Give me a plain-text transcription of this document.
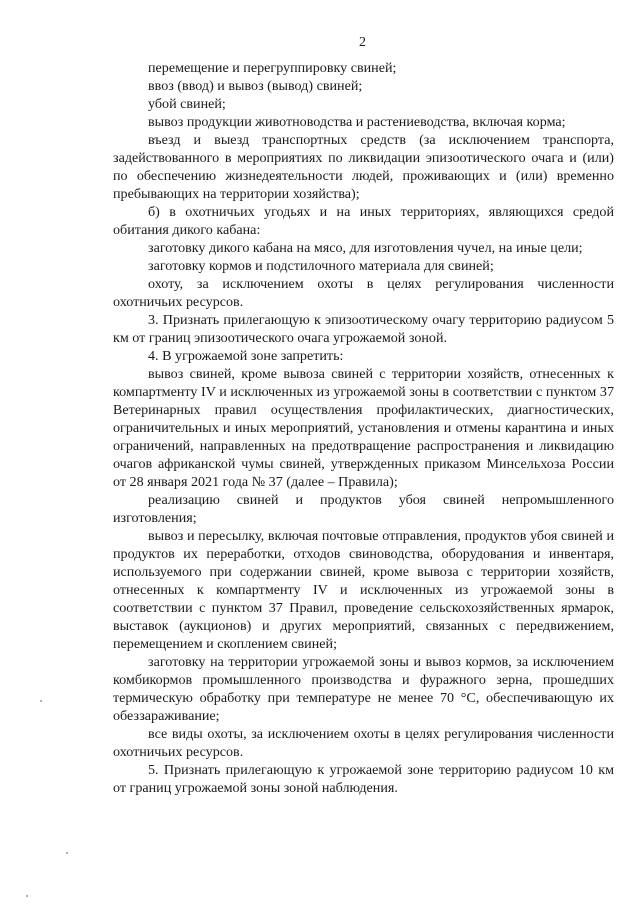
2

перемещение и перегруппировку свиней;

ввоз (ввод) и вывоз (вывод) свиней;

убой свиней;

вывоз продукции животноводства и растениеводства, включая корма;

въезд и выезд транспортных средств (за исключением транспорта, задействованного в мероприятиях по ликвидации эпизоотического очага и (или) по обеспечению жизнедеятельности людей, проживающих и (или) временно пребывающих на территории хозяйства);

б) в охотничьих угодьях и на иных территориях, являющихся средой обитания дикого кабана:

заготовку дикого кабана на мясо, для изготовления чучел, на иные цели;

заготовку кормов и подстилочного материала для свиней;

охоту, за исключением охоты в целях регулирования численности охотничьих ресурсов.

3. Признать прилегающую к эпизоотическому очагу территорию радиусом 5 км от границ эпизоотического очага угрожаемой зоной.

4. В угрожаемой зоне запретить:

вывоз свиней, кроме вывоза свиней с территории хозяйств, отнесенных к компартменту IV и исключенных из угрожаемой зоны в соответствии с пунктом 37 Ветеринарных правил осуществления профилактических, диагностических, ограничительных и иных мероприятий, установления и отмены карантина и иных ограничений, направленных на предотвращение распространения и ликвидацию очагов африканской чумы свиней, утвержденных приказом Минсельхоза России от 28 января 2021 года № 37 (далее – Правила);

реализацию свиней и продуктов убоя свиней непромышленного изготовления;

вывоз и пересылку, включая почтовые отправления, продуктов убоя свиней и продуктов их переработки, отходов свиноводства, оборудования и инвентаря, используемого при содержании свиней, кроме вывоза с территории хозяйств, отнесенных к компартменту IV и исключенных из угрожаемой зоны в соответствии с пунктом 37 Правил, проведение сельскохозяйственных ярмарок, выставок (аукционов) и других мероприятий, связанных с передвижением, перемещением и скоплением свиней;

заготовку на территории угрожаемой зоны и вывоз кормов, за исключением комбикормов промышленного производства и фуражного зерна, прошедших термическую обработку при температуре не менее 70 °С, обеспечивающую их обеззараживание;

все виды охоты, за исключением охоты в целях регулирования численности охотничьих ресурсов.

5. Признать прилегающую к угрожаемой зоне территорию радиусом 10 км от границ угрожаемой зоны зоной наблюдения.
